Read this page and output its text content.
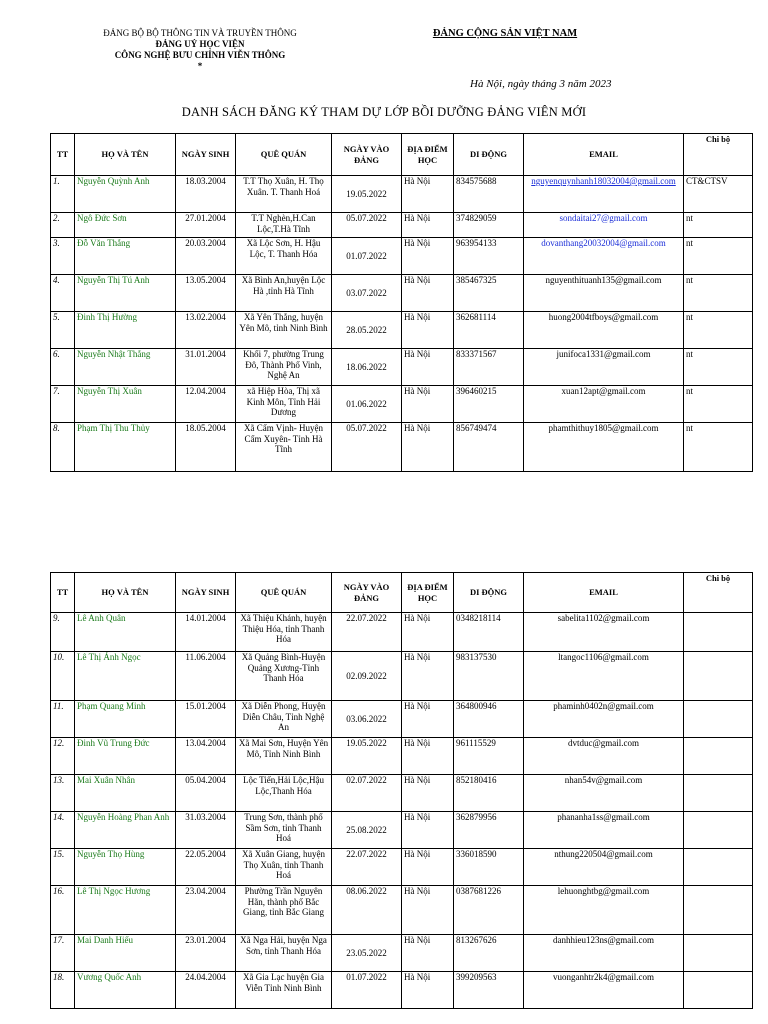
ĐẢNG BỘ BỘ THÔNG TIN VÀ TRUYỀN THÔNG
ĐẢNG UỶ HỌC VIỆN
CÔNG NGHỆ BƯU CHÍNH VIỄN THÔNG
*
ĐẢNG CỘNG SẢN VIỆT NAM
Hà Nội, ngày tháng 3 năm 2023
DANH SÁCH ĐĂNG KÝ THAM DỰ LỚP BỒI DƯỠNG ĐẢNG VIÊN MỚI
TT	HỌ VÀ TÊN	NGÀY SINH	QUÊ QUÁN	NGÀY VÀO ĐẢNG	ĐỊA ĐIỂM HỌC	DI ĐỘNG	EMAIL	Chi bộ
1.	Nguyễn Quỳnh Anh	18.03.2004	T.T Thọ Xuân, H. Thọ Xuân. T. Thanh Hoá	19.05.2022	Hà Nội	834575688	nguyenquynhanh18032004@gmail.com	CT&CTSV
2.	Ngô Đức Sơn	27.01.2004	T.T Nghèn,H.Can Lộc,T.Hà Tĩnh	05.07.2022	Hà Nội	374829059	sondaitai27@gmail.com	nt
3.	Đỗ Văn Thắng	20.03.2004	Xã Lộc Sơn, H. Hậu Lộc, T. Thanh Hóa	01.07.2022	Hà Nội	963954133	dovanthang20032004@gmail.com	nt
4.	Nguyễn Thị Tú Anh	13.05.2004	Xã Bình An,huyện Lộc Hà ,tỉnh Hà Tĩnh	03.07.2022	Hà Nội	385467325	nguyenthituanh135@gmail.com	nt
5.	Đinh Thị Hường	13.02.2004	Xã Yên Thắng, huyện Yên Mô, tỉnh Ninh Bình	28.05.2022	Hà Nội	362681114	huong2004tfboys@gmail.com	nt
6.	Nguyễn Nhật Thắng	31.01.2004	Khối 7, phường Trung Đô, Thành Phố Vinh, Nghệ An	18.06.2022	Hà Nội	833371567	junifoca1331@gmail.com	nt
7.	Nguyễn Thị Xuân	12.04.2004	xã Hiệp Hòa, Thị xã Kinh Môn, Tỉnh Hải Dương	01.06.2022	Hà Nội	396460215	xuan12apt@gmail.com	nt
8.	Phạm Thị Thu Thủy	18.05.2004	Xã Cẩm Vịnh- Huyện Cẩm Xuyên- Tỉnh Hà Tĩnh	05.07.2022	Hà Nội	856749474	phamthithuy1805@gmail.com	nt
TT	HỌ VÀ TÊN	NGÀY SINH	QUÊ QUÁN	NGÀY VÀO ĐẢNG	ĐỊA ĐIỂM HỌC	DI ĐỘNG	EMAIL	Chi bộ
9.	Lê Anh Quân	14.01.2004	Xã Thiệu Khánh, huyện Thiệu Hóa, tỉnh Thanh Hóa	22.07.2022	Hà Nội	0348218114	sabelita1102@gmail.com	
10.	Lê Thị Ánh Ngọc	11.06.2004	Xã Quảng Bình-Huyện Quảng Xương-Tỉnh Thanh Hóa	02.09.2022	Hà Nội	983137530	ltangoc1106@gmail.com	
11.	Phạm Quang Minh	15.01.2004	Xã Diễn Phong, Huyện Diễn Châu, Tỉnh Nghệ An	03.06.2022	Hà Nội	364800946	phaminh0402n@gmail.com	
12.	Đinh Vũ Trung Đức	13.04.2004	Xã Mai Sơn, Huyện Yên Mô, Tỉnh Ninh Bình	19.05.2022	Hà Nội	961115529	dvtduc@gmail.com	
13.	Mai Xuân Nhân	05.04.2004	Lộc Tiến,Hải Lộc,Hậu Lộc,Thanh Hóa	02.07.2022	Hà Nội	852180416	nhan54v@gmail.com	
14.	Nguyễn Hoàng Phan Anh	31.03.2004	Trung Sơn, thành phố Sầm Sơn, tỉnh Thanh Hoá	25.08.2022	Hà Nội	362879956	phananha1ss@gmail.com	
15.	Nguyễn Thọ Hùng	22.05.2004	Xã Xuân Giang, huyện Thọ Xuân, tỉnh Thanh Hoá	22.07.2022	Hà Nội	336018590	nthung220504@gmail.com	
16.	Lê Thị Ngọc Hương	23.04.2004	Phường Trần Nguyên Hãn, thành phố Bắc Giang, tỉnh Bắc Giang	08.06.2022	Hà Nội	0387681226	lehuonghtbg@gmail.com	
17.	Mai Danh Hiếu	23.01.2004	Xã Nga Hải, huyện Nga Sơn, tỉnh Thanh Hóa	23.05.2022	Hà Nội	813267626	danhhieu123ns@gmail.com	
18.	Vương Quốc Anh	24.04.2004	Xã Gia Lạc huyện Gia Viễn Tỉnh Ninh Bình	01.07.2022	Hà Nội	399209563	vuonganhtr2k4@gmail.com	
